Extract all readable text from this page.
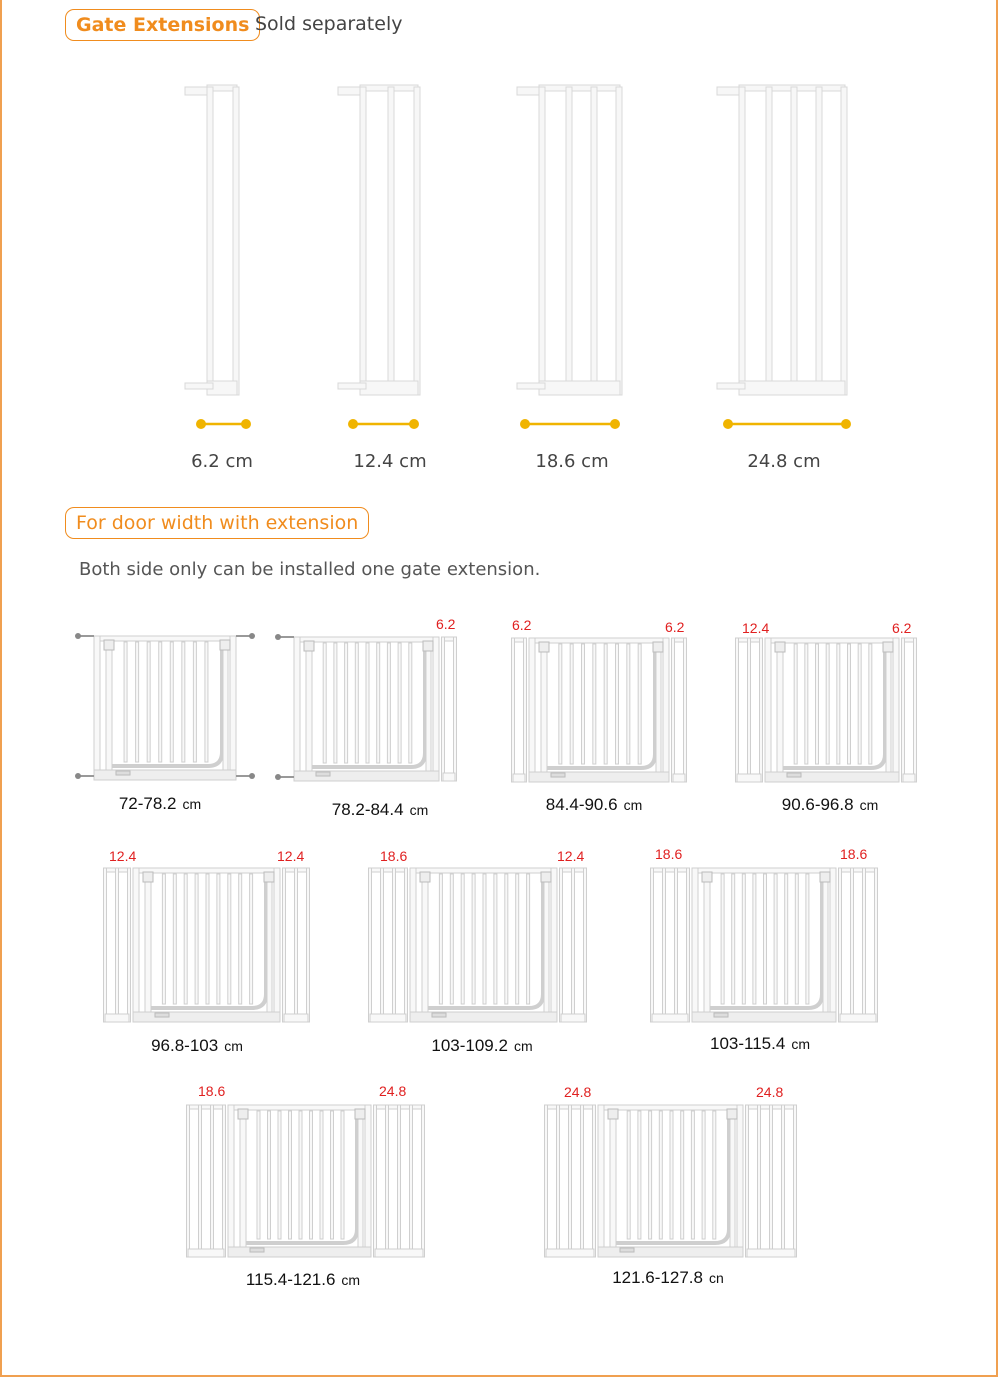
Gate Extensions Sold separately
6.2 cm	12.4 cm	18.6 cm	24.8 cm
For door width with extension
Both side only can be installed one gate extension.
72-78.2 cm	78.2-84.4 cm
6.2
84.4-90.6 cm
6.2	6.2
90.6-96.8 cm
12.4	6.2
96.8-103 cm
12.4	12.4
103-109.2 cm
18.6	12.4
103-115.4 cm
18.6	18.6
115.4-121.6 cm
18.6	24.8
121.6-127.8 cn
24.8	24.8
